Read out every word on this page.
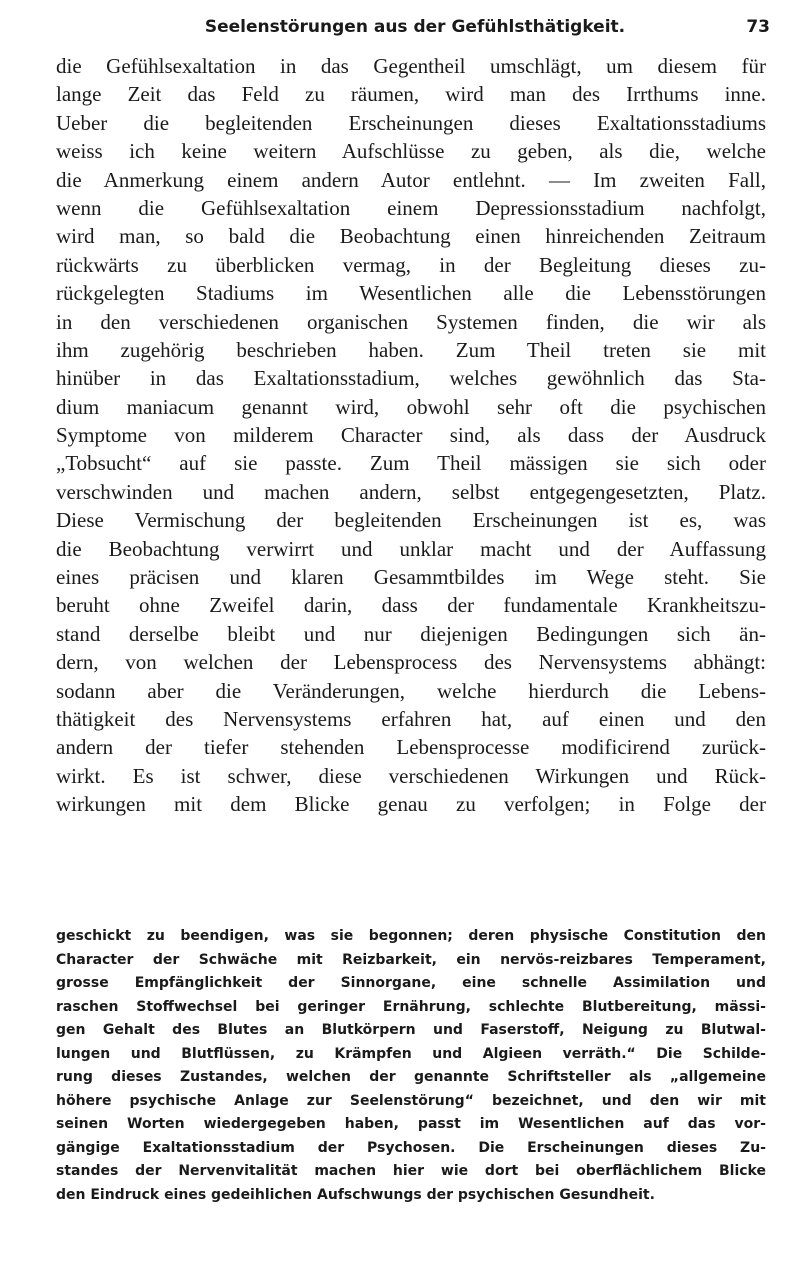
Seelenstörungen aus der Gefühlsthätigkeit.	73
die Gefühlsexaltation in das Gegentheil umschlägt, um diesem für
lange Zeit das Feld zu räumen, wird man des Irrthums inne.
Ueber die begleitenden Erscheinungen dieses Exaltationsstadiums
weiss ich keine weitern Aufschlüsse zu geben, als die, welche
die Anmerkung einem andern Autor entlehnt. — Im zweiten Fall,
wenn die Gefühlsexaltation einem Depressionsstadium nachfolgt,
wird man, so bald die Beobachtung einen hinreichenden Zeitraum
rückwärts zu überblicken vermag, in der Begleitung dieses zu-
rückgelegten Stadiums im Wesentlichen alle die Lebensstörungen
in den verschiedenen organischen Systemen finden, die wir als
ihm zugehörig beschrieben haben. Zum Theil treten sie mit
hinüber in das Exaltationsstadium, welches gewöhnlich das Sta-
dium maniacum genannt wird, obwohl sehr oft die psychischen
Symptome von milderem Character sind, als dass der Ausdruck
„Tobsucht“ auf sie passte. Zum Theil mässigen sie sich oder
verschwinden und machen andern, selbst entgegengesetzten, Platz.
Diese Vermischung der begleitenden Erscheinungen ist es, was
die Beobachtung verwirrt und unklar macht und der Auffassung
eines präcisen und klaren Gesammtbildes im Wege steht. Sie
beruht ohne Zweifel darin, dass der fundamentale Krankheitszu-
stand derselbe bleibt und nur diejenigen Bedingungen sich än-
dern, von welchen der Lebensprocess des Nervensystems abhängt:
sodann aber die Veränderungen, welche hierdurch die Lebens-
thätigkeit des Nervensystems erfahren hat, auf einen und den
andern der tiefer stehenden Lebensprocesse modificirend zurück-
wirkt. Es ist schwer, diese verschiedenen Wirkungen und Rück-
wirkungen mit dem Blicke genau zu verfolgen; in Folge der
geschickt zu beendigen, was sie begonnen; deren physische Constitution den
Character der Schwäche mit Reizbarkeit, ein nervös-reizbares Temperament,
grosse Empfänglichkeit der Sinnorgane, eine schnelle Assimilation und
raschen Stoffwechsel bei geringer Ernährung, schlechte Blutbereitung, mässi-
gen Gehalt des Blutes an Blutkörpern und Faserstoff, Neigung zu Blutwal-
lungen und Blutflüssen, zu Krämpfen und Algieen verräth.“ Die Schilde-
rung dieses Zustandes, welchen der genannte Schriftsteller als „allgemeine
höhere psychische Anlage zur Seelenstörung“ bezeichnet, und den wir mit
seinen Worten wiedergegeben haben, passt im Wesentlichen auf das vor-
gängige Exaltationsstadium der Psychosen. Die Erscheinungen dieses Zu-
standes der Nervenvitalität machen hier wie dort bei oberflächlichem Blicke
den Eindruck eines gedeihlichen Aufschwungs der psychischen Gesundheit.
